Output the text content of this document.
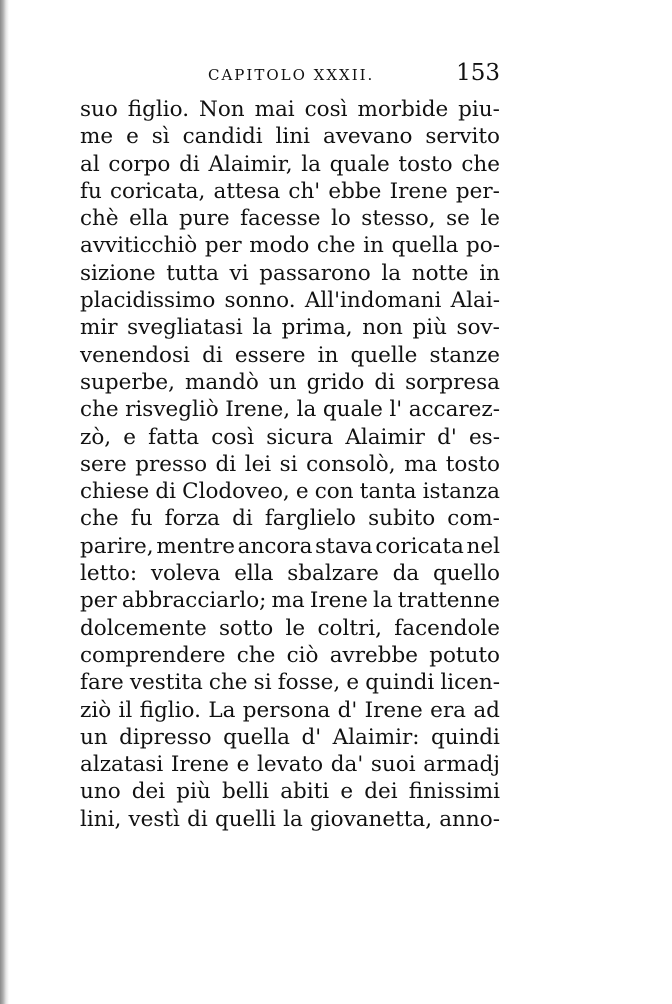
CAPITOLO XXXII.	153
suo figlio. Non mai così morbide piu-
me e sì candidi lini avevano servito
al corpo di Alaimir, la quale tosto che
fu coricata, attesa ch' ebbe Irene per-
chè ella pure facesse lo stesso, se le
avviticchiò per modo che in quella po-
sizione tutta vi passarono la notte in
placidissimo sonno. All'indomani Alai-
mir svegliatasi la prima, non più sov-
venendosi di essere in quelle stanze
superbe, mandò un grido di sorpresa
che risvegliò Irene, la quale l' accarez-
zò, e fatta così sicura Alaimir d' es-
sere presso di lei si consolò, ma tosto
chiese di Clodoveo, e con tanta istanza
che fu forza di farglielo subito com-
parire, mentre ancora stava coricata nel
letto: voleva ella sbalzare da quello
per abbracciarlo; ma Irene la trattenne
dolcemente sotto le coltri, facendole
comprendere che ciò avrebbe potuto
fare vestita che si fosse, e quindi licen-
ziò il figlio. La persona d' Irene era ad
un dipresso quella d' Alaimir: quindi
alzatasi Irene e levato da' suoi armadj
uno dei più belli abiti e dei finissimi
lini, vestì di quelli la giovanetta, anno-
